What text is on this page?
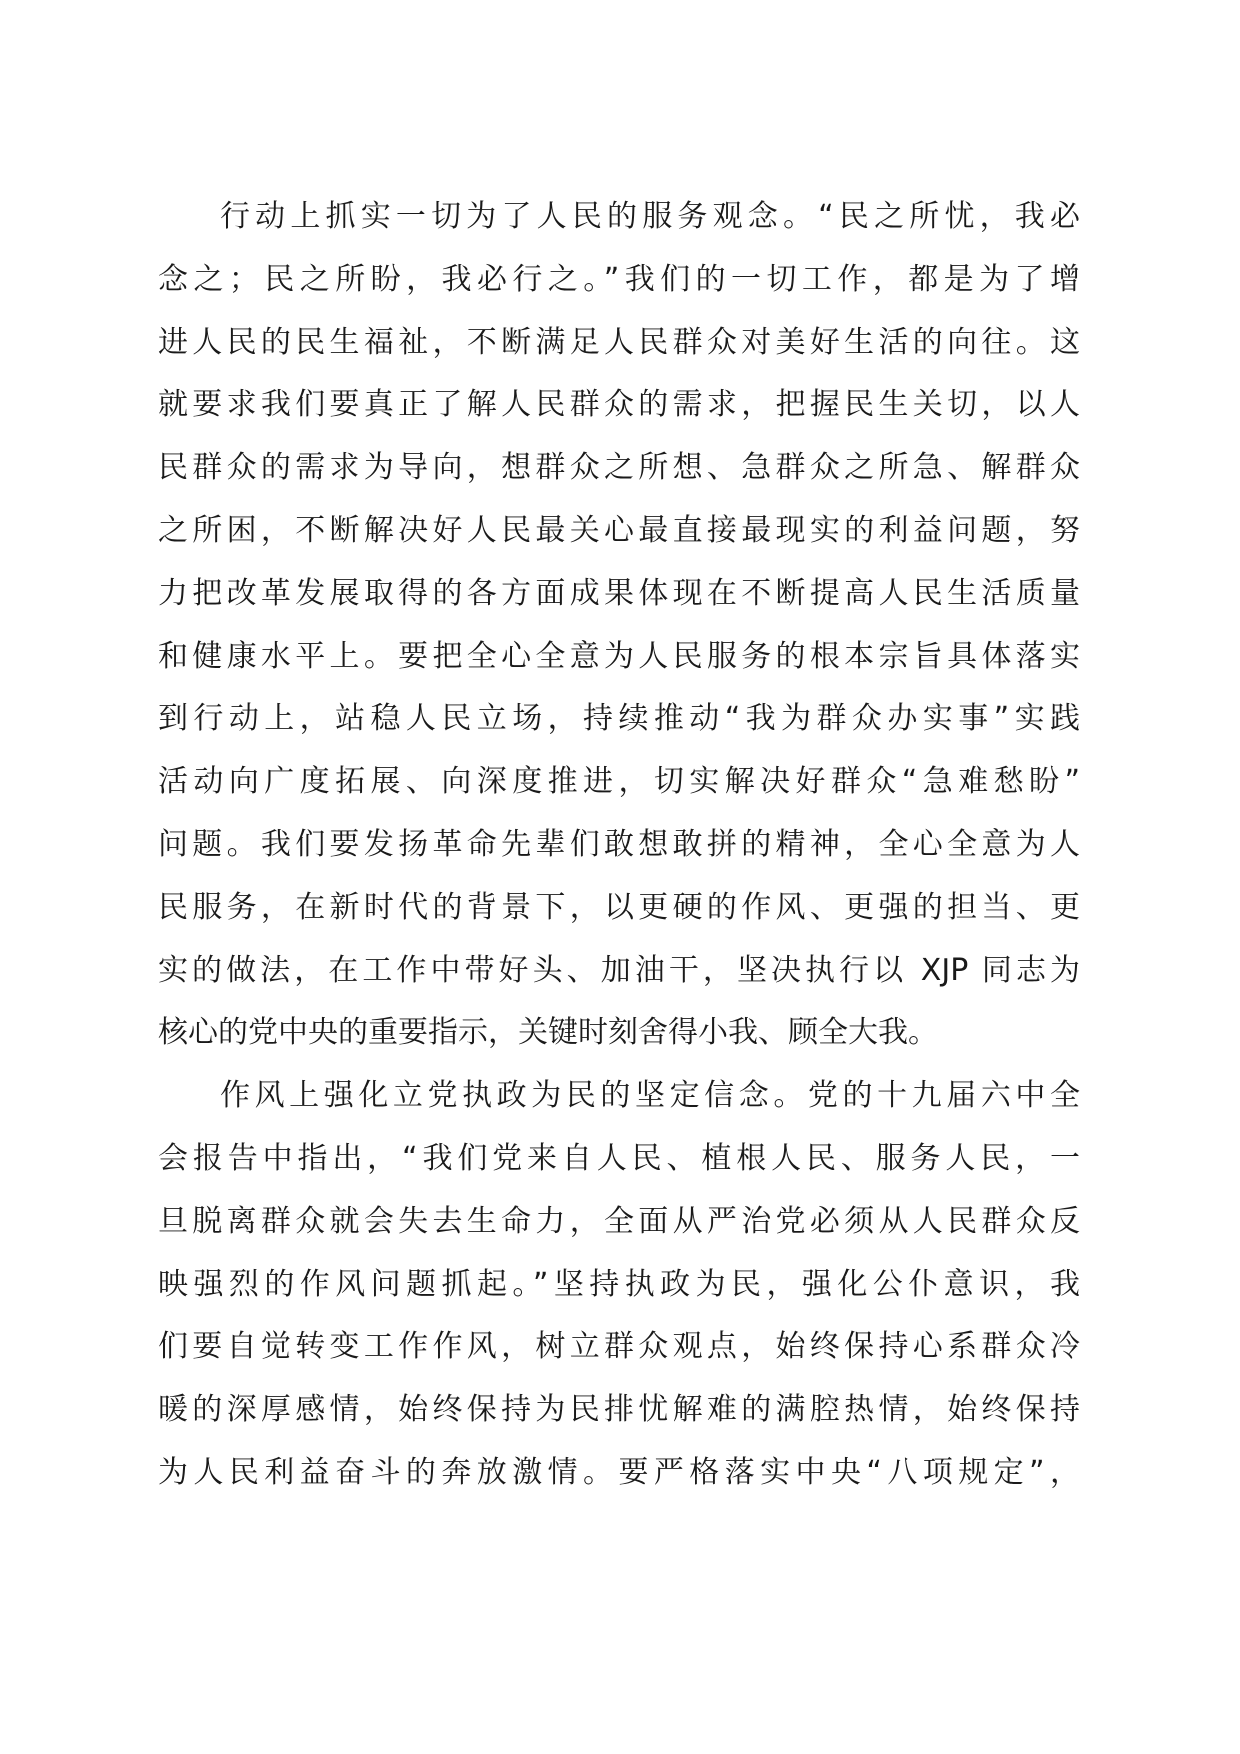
行动上抓实一切为了人民的服务观念。“民之所忧，我必
念之；民之所盼，我必行之。”我们的一切工作，都是为了增
进人民的民生福祉，不断满足人民群众对美好生活的向往。这
就要求我们要真正了解人民群众的需求，把握民生关切，以人
民群众的需求为导向，想群众之所想、急群众之所急、解群众
之所困，不断解决好人民最关心最直接最现实的利益问题，努
力把改革发展取得的各方面成果体现在不断提高人民生活质量
和健康水平上。要把全心全意为人民服务的根本宗旨具体落实
到行动上，站稳人民立场，持续推动“我为群众办实事”实践
活动向广度拓展、向深度推进，切实解决好群众“急难愁盼”
问题。我们要发扬革命先辈们敢想敢拼的精神，全心全意为人
民服务，在新时代的背景下，以更硬的作风、更强的担当、更
实的做法，在工作中带好头、加油干，坚决执行以 XJP 同志为
核心的党中央的重要指示，关键时刻舍得小我、顾全大我。
作风上强化立党执政为民的坚定信念。党的十九届六中全
会报告中指出，“我们党来自人民、植根人民、服务人民，一
旦脱离群众就会失去生命力，全面从严治党必须从人民群众反
映强烈的作风问题抓起。”坚持执政为民，强化公仆意识，我
们要自觉转变工作作风，树立群众观点，始终保持心系群众冷
暖的深厚感情，始终保持为民排忧解难的满腔热情，始终保持
为人民利益奋斗的奔放激情。要严格落实中央“八项规定”，
